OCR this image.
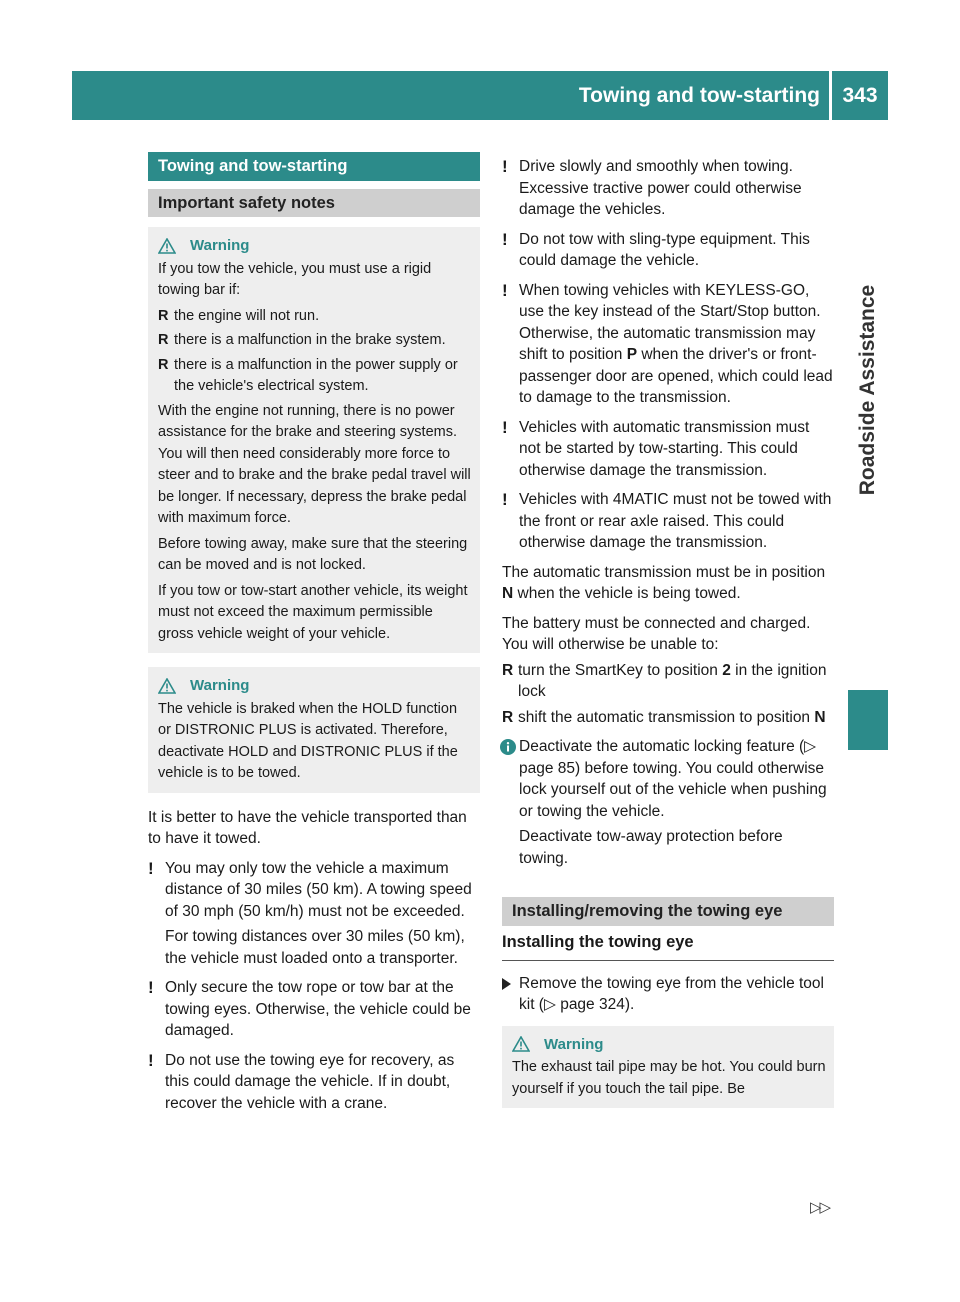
Towing and tow-starting	343
Roadside Assistance
Towing and tow-starting
Important safety notes
Warning

If you tow the vehicle, you must use a rigid towing bar if:

R the engine will not run.
R there is a malfunction in the brake system.
R there is a malfunction in the power supply or the vehicle's electrical system.

With the engine not running, there is no power assistance for the brake and steering systems. You will then need considerably more force to steer and to brake and the brake pedal travel will be longer. If necessary, depress the brake pedal with maximum force.

Before towing away, make sure that the steering can be moved and is not locked.

If you tow or tow-start another vehicle, its weight must not exceed the maximum permissible gross vehicle weight of your vehicle.

Warning

The vehicle is braked when the HOLD function or DISTRONIC PLUS is activated. Therefore, deactivate HOLD and DISTRONIC PLUS if the vehicle is to be towed.

It is better to have the vehicle transported than to have it towed.

! You may only tow the vehicle a maximum distance of 30 miles (50 km). A towing speed of 30 mph (50 km/h) must not be exceeded.

For towing distances over 30 miles (50 km), the vehicle must loaded onto a transporter.

! Only secure the tow rope or tow bar at the towing eyes. Otherwise, the vehicle could be damaged.

! Do not use the towing eye for recovery, as this could damage the vehicle. If in doubt, recover the vehicle with a crane.

! Drive slowly and smoothly when towing. Excessive tractive power could otherwise damage the vehicles.

! Do not tow with sling-type equipment. This could damage the vehicle.

! When towing vehicles with KEYLESS-GO, use the key instead of the Start/Stop button. Otherwise, the automatic transmission may shift to position P when the driver's or front-passenger door are opened, which could lead to damage to the transmission.

! Vehicles with automatic transmission must not be started by tow-starting. This could otherwise damage the transmission.

! Vehicles with 4MATIC must not be towed with the front or rear axle raised. This could otherwise damage the transmission.

The automatic transmission must be in position N when the vehicle is being towed.

The battery must be connected and charged. You will otherwise be unable to:

R turn the SmartKey to position 2 in the ignition lock
R shift the automatic transmission to position N

Deactivate the automatic locking feature (▷ page 85) before towing. You could otherwise lock yourself out of the vehicle when pushing or towing the vehicle.

Deactivate tow-away protection before towing.

Installing/removing the towing eye
Installing the towing eye
Remove the towing eye from the vehicle tool kit (▷ page 324).
Warning

The exhaust tail pipe may be hot. You could burn yourself if you touch the tail pipe. Be

▷▷
